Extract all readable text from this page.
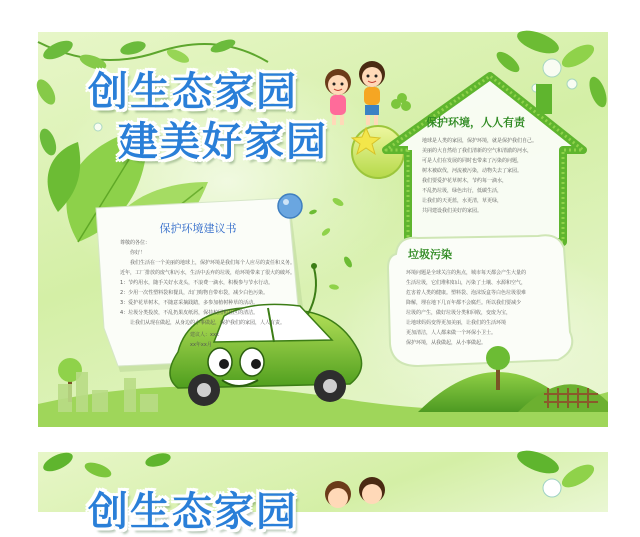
创生态家园
建美好家园
保护环境建议书
尊敬的各位：
　　你好！
　　我们生活在一个美丽的地球上，保护环境是我们每个人应尽的责任和义务。
近年，工厂排放的废气和污水，生活中丢弃的垃圾，给环境带来了很大的破坏。
1：节约用水，随手关好水龙头，不浪费一滴水，积极参与节水行动。
2：少用一次性塑料袋和餐具，出门购物自带布袋，减少白色污染。
3：爱护花草树木，不随意采摘践踏，多参加植树种草的活动。
4：垃圾分类投放，不乱扔果皮纸屑，保持校园和社区的清洁。
　　让我们从现在做起，从身边的小事做起，保护我们的家园，人人有责。
　　　　　　　　　　　　　　建议人：xxx
　　　　　　　　　　　　　　xx年xx月
保护环境，人人有责
地球是人类的家园，保护环境，就是保护我们自己。
美丽的大自然给了我们清新的空气和清澈的河水，
可是人们在发展的同时也带来了污染的问题，
树木被砍伐，河流被污染，动物失去了家园。
我们要爱护花草树木，节约每一滴水，
不乱扔垃圾，绿色出行，低碳生活，
让我们的天更蓝，水更清，草更绿，
共同建设我们美好的家园。
垃圾污染
环境问题是全球关注的焦点，城市每天都会产生大量的
生活垃圾，它们堆积如山，污染了土壤、水源和空气，
危害着人类的健康。塑料袋、泡沫饭盒等白色垃圾很难
降解，埋在地下几百年都不会腐烂。所以我们要减少
垃圾的产生，做好垃圾分类和回收，变废为宝，
让地球妈妈变得更加美丽，让我们的生活环境
更加清洁，人人都来做一个环保小卫士。
保护环境，从我做起，从小事做起。
创生态家园
